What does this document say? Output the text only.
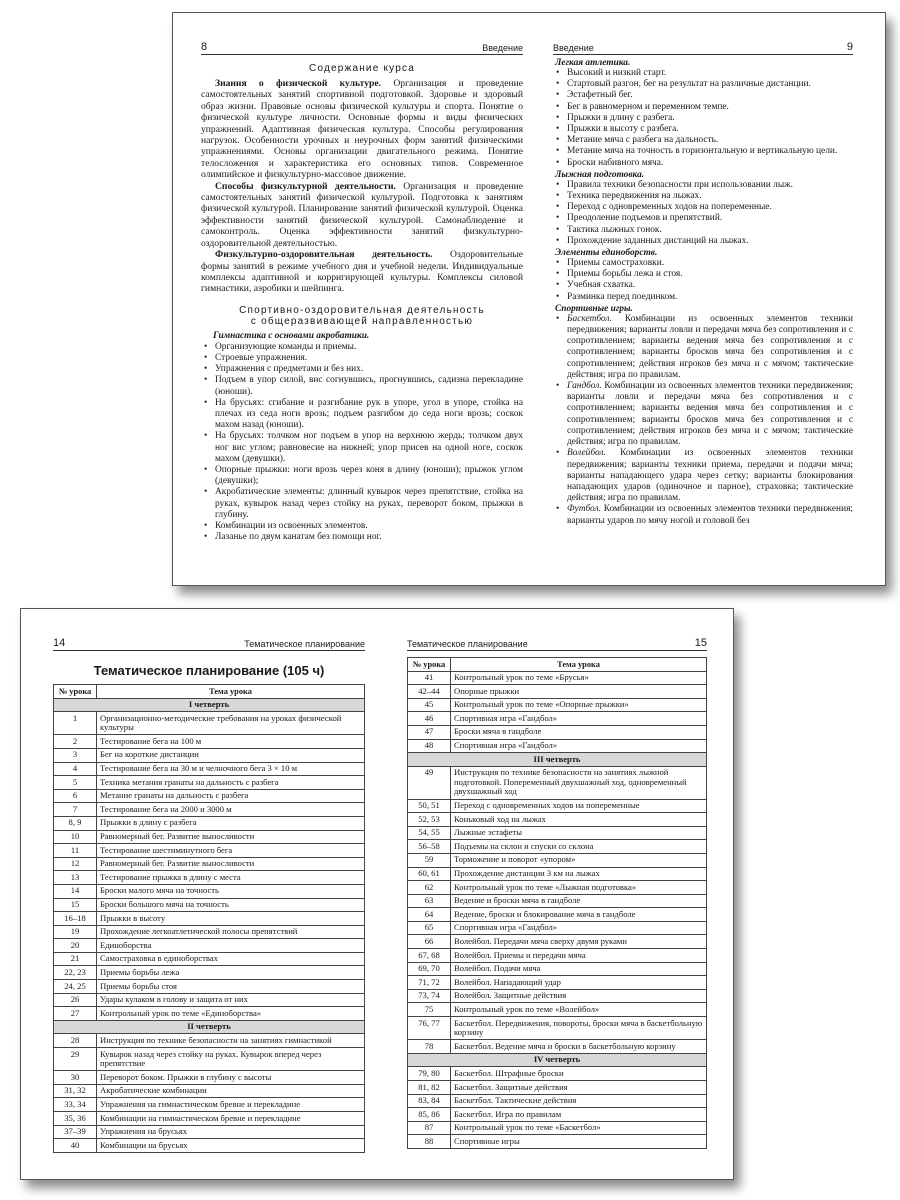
8	Введение
Содержание курса

Знания о физической культуре. Организация и проведение самостоятельных занятий спортивной подготовкой. Здоровье и здоровый образ жизни. Правовые основы физической культуры и спорта. Понятие о физической культуре личности. Основные формы и виды физических упражнений. Адаптивная физическая культура. Способы регулирования нагрузок. Особенности урочных и неурочных форм занятий физическими упражнениями. Основы организации двигательного режима. Понятие телосложения и характеристика его основных типов. Современное олимпийское и физкультурно-массовое движение.

Способы физкультурной деятельности. Организация и проведение самостоятельных занятий физической культурой. Подготовка к занятиям физической культурой. Планирование занятий физической культурой. Оценка эффективности занятий физической культурой. Самонаблюдение и самоконтроль. Оценка эффективности занятий физкультурно-оздоровительной деятельностью.

Физкультурно-оздоровительная деятельность. Оздоровительные формы занятий в режиме учебного дня и учебной недели. Индивидуальные комплексы адаптивной и корригирующей культуры. Комплексы силовой гимнастики, аэробики и шейпинга.

Спортивно-оздоровительная деятельность
с общеразвивающей направленностью
Гимнастика с основами акробатики.
• Организующие команды и приемы.
• Строевые упражнения.
• Упражнения с предметами и без них.
• Подъем в упор силой, вис согнувшись, прогнувшись, садизна перекладине (юноши).
• На брусьях: сгибание и разгибание рук в упоре, угол в упоре, стойка на плечах из седа ноги врозь; подъем разгибом до седа ноги врозь; соскок махом назад (юноши).
• На брусьях: толчком ног подъем в упор на верхнюю жердь; толчком двух ног вис углом; равновесие на нижней; упор присев на одной ноге, соскок махом (девушки).
• Опорные прыжки: ноги врозь через коня в длину (юноши); прыжок углом (девушки);
• Акробатические элементы: длинный кувырок через препятствие, стойка на руках, кувырок назад через стойку на руках, переворот боком, прыжки в глубину.
• Комбинации из освоенных элементов.
• Лазанье по двум канатам без помощи ног.
Введение	9
Легкая атлетика.
• Высокий и низкий старт.
• Стартовый разгон, бег на результат на различные дистанции.
• Эстафетный бег.
• Бег в равномерном и переменном темпе.
• Прыжки в длину с разбега.
• Прыжки в высоту с разбега.
• Метание мяча с разбега на дальность.
• Метание мяча на точность в горизонтальную и вертикальную цели.
• Броски набивного мяча.
Лыжная подготовка.
• Правила техники безопасности при использовании лыж.
• Техника передвижения на лыжах.
• Переход с одновременных ходов на попеременные.
• Преодоление подъемов и препятствий.
• Тактика лыжных гонок.
• Прохождение заданных дистанций на лыжах.
Элементы единоборств.
• Приемы самостраховки.
• Приемы борьбы лежа и стоя.
• Учебная схватка.
• Разминка перед поединком.
Спортивные игры.
• Баскетбол. Комбинации из освоенных элементов техники передвижения; варианты ловли и передачи мяча без сопротивления и с сопротивлением; варианты ведения мяча без сопротивления и с сопротивлением; варианты бросков мяча без сопротивления и с сопротивлением; действия игроков без мяча и с мячом; тактические действия; игра по правилам.
• Гандбол. Комбинации из освоенных элементов техники передвижения; варианты ловли и передачи мяча без сопротивления и с сопротивлением; варианты ведения мяча без сопротивления и с сопротивлением; варианты бросков мяча без сопротивления и с сопротивлением; действия игроков без мяча и с мячом; тактические действия; игра по правилам.
• Волейбол. Комбинации из освоенных элементов техники передвижения; варианты техники приема, передачи и подачи мяча; варианты нападающего удара через сетку; варианты блокирования нападающих ударов (одиночное и парное), страховка; тактические действия; игра по правилам.
• Футбол. Комбинации из освоенных элементов техники передвижения; варианты ударов по мячу ногой и головой без
14	Тематическое планирование
Тематическое планирование (105 ч)
№ урока	Тема урока
I четверть	
1	Организационно-методические требования на уроках физической культуры
2	Тестирование бега на 100 м
3	Бег на короткие дистанции
4	Тестирование бега на 30 м и челночного бега 3 × 10 м
5	Техника метания гранаты на дальность с разбега
6	Метание гранаты на дальность с разбега
7	Тестирование бега на 2000 и 3000 м
8, 9	Прыжки в длину с разбега
10	Равномерный бег. Развитие выносливости
11	Тестирование шестиминутного бега
12	Равномерный бег. Развитие выносливости
13	Тестирование прыжка в длину с места
14	Броски малого мяча на точность
15	Броски большого мяча на точность
16–18	Прыжки в высоту
19	Прохождение легкоатлетической полосы препятствий
20	Единоборства
21	Самостраховка в единоборствах
22, 23	Приемы борьбы лежа
24, 25	Приемы борьбы стоя
26	Удары кулаком в голову и защита от них
27	Контрольный урок по теме «Единоборства»
II четверть	
28	Инструкция по технике безопасности на занятиях гимнастикой
29	Кувырок назад через стойку на руках. Кувырок вперед через препятствие
30	Переворот боком. Прыжки в глубину с высоты
31, 32	Акробатические комбинации
33, 34	Упражнения на гимнастическом бревне и перекладине
35, 36	Комбинации на гимнастическом бревне и перекладине
37–39	Упражнения на брусьях
40	Комбинации на брусьях
Тематическое планирование	15
№ урока	Тема урока
41	Контрольный урок по теме «Брусья»
42–44	Опорные прыжки
45	Контрольный урок по теме «Опорные прыжки»
46	Спортивная игра «Гандбол»
47	Броски мяча в гандболе
48	Спортивная игра «Гандбол»
III четверть	
49	Инструкция по технике безопасности на занятиях лыжной подготовкой. Попеременный двухшажный ход, одновременный двухшажный ход
50, 51	Переход с одновременных ходов на попеременные
52, 53	Коньковый ход на лыжах
54, 55	Лыжные эстафеты
56–58	Подъемы на склон и спуски со склона
59	Торможение и поворот «упором»
60, 61	Прохождение дистанции 3 км на лыжах
62	Контрольный урок по теме «Лыжная подготовка»
63	Ведение и броски мяча в гандболе
64	Ведение, броски и блокирование мяча в гандболе
65	Спортивная игра «Гандбол»
66	Волейбол. Передачи мяча сверху двумя руками
67, 68	Волейбол. Приемы и передачи мяча
69, 70	Волейбол. Подачи мяча
71, 72	Волейбол. Нападающий удар
73, 74	Волейбол. Защитные действия
75	Контрольный урок по теме «Волейбол»
76, 77	Баскетбол. Передвижения, повороты, броски мяча в баскетбольную корзину
78	Баскетбол. Ведение мяча и броски в баскетбольную корзину
IV четверть	
79, 80	Баскетбол. Штрафные броски
81, 82	Баскетбол. Защитные действия
83, 84	Баскетбол. Тактические действия
85, 86	Баскетбол. Игра по правилам
87	Контрольный урок по теме «Баскетбол»
88	Спортивные игры
